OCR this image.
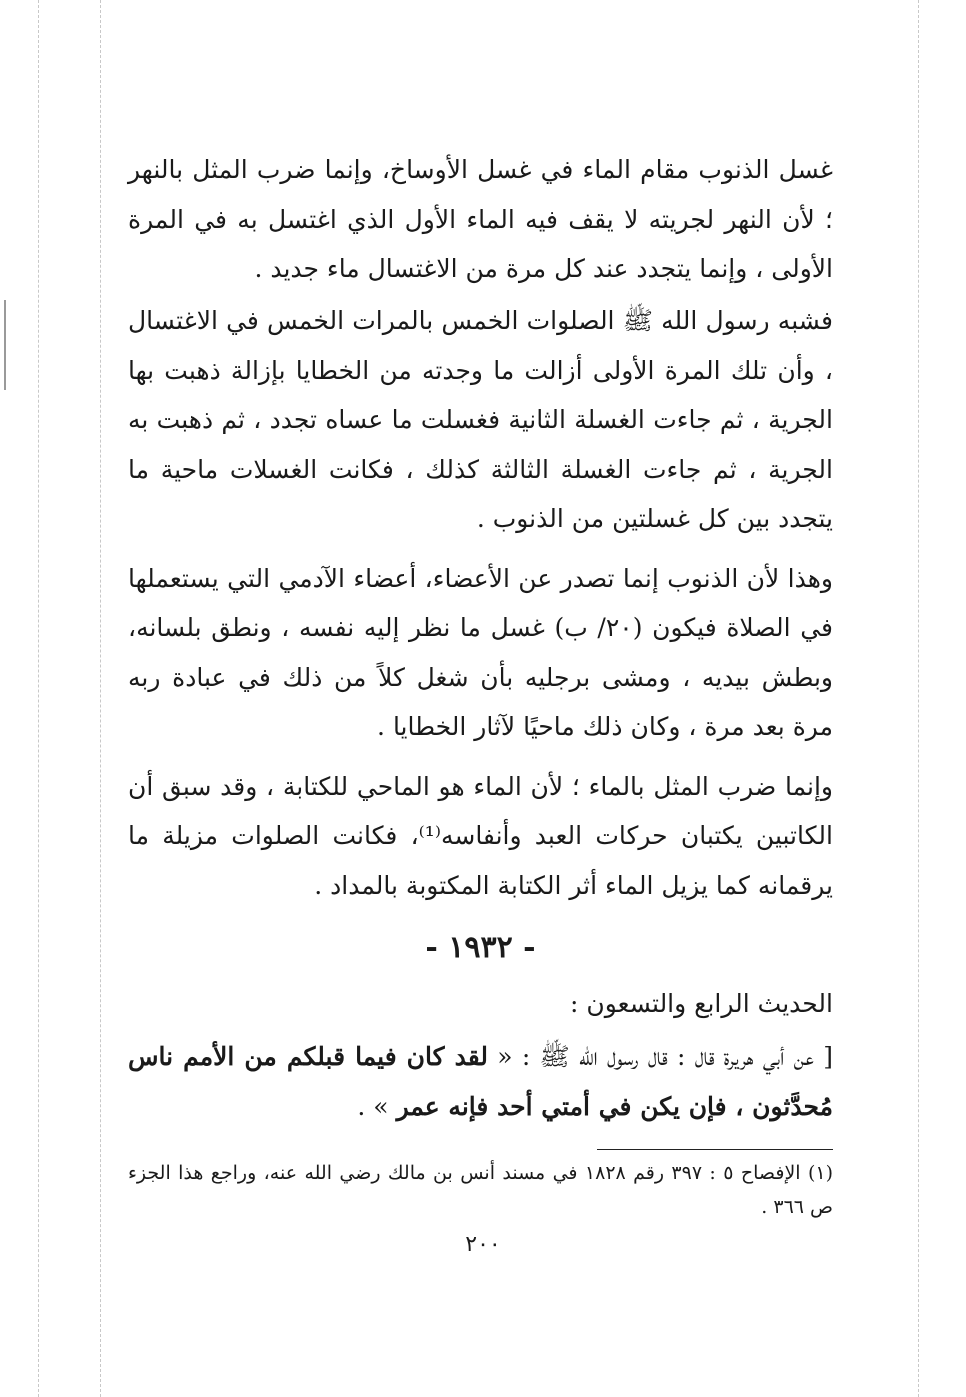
غسل الذنوب مقام الماء في غسل الأوساخ، وإنما ضرب المثل بالنهر ؛ لأن النهر لجريته لا يقف فيه الماء الأول الذي اغتسل به في المرة الأولى ، وإنما يتجدد عند كل مرة من الاغتسال ماء جديد .

فشبه رسول الله ﷺ الصلوات الخمس بالمرات الخمس في الاغتسال ، وأن تلك المرة الأولى أزالت ما وجدته من الخطايا بإزالة ذهبت بها الجرية ، ثم جاءت الغسلة الثانية فغسلت ما عساه تجدد ، ثم ذهبت به الجرية ، ثم جاءت الغسلة الثالثة كذلك ، فكانت الغسلات ماحية ما يتجدد بين كل غسلتين من الذنوب .

وهذا لأن الذنوب إنما تصدر عن الأعضاء، أعضاء الآدمي التي يستعملها في الصلاة فيكون (٢٠/ ب) غسل ما نظر إليه نفسه ، ونطق بلسانه، وبطش بيديه ، ومشى برجليه بأن شغل كلاً من ذلك في عبادة ربه مرة بعد مرة ، وكان ذلك ماحيًا لآثار الخطايا .

وإنما ضرب المثل بالماء ؛ لأن الماء هو الماحي للكتابة ، وقد سبق أن الكاتبين يكتبان حركات العبد وأنفاسه⁽¹⁾، فكانت الصلوات مزيلة ما يرقمانه كما يزيل الماء أثر الكتابة المكتوبة بالمداد .

- ١٩٣٢ -
الحديث الرابع والتسعون :

[ عن أبي هريرة قال : قال رسول الله ﷺ : « لقد كان فيما قبلكم من الأمم ناس مُحدَّثون ، فإن يكن في أمتي أحد فإنه عمر » .

(١) الإفصاح ٥ : ٣٩٧ رقم ١٨٢٨ في مسند أنس بن مالك رضي الله عنه، وراجع هذا الجزء ص ٣٦٦ .

٢٠٠
